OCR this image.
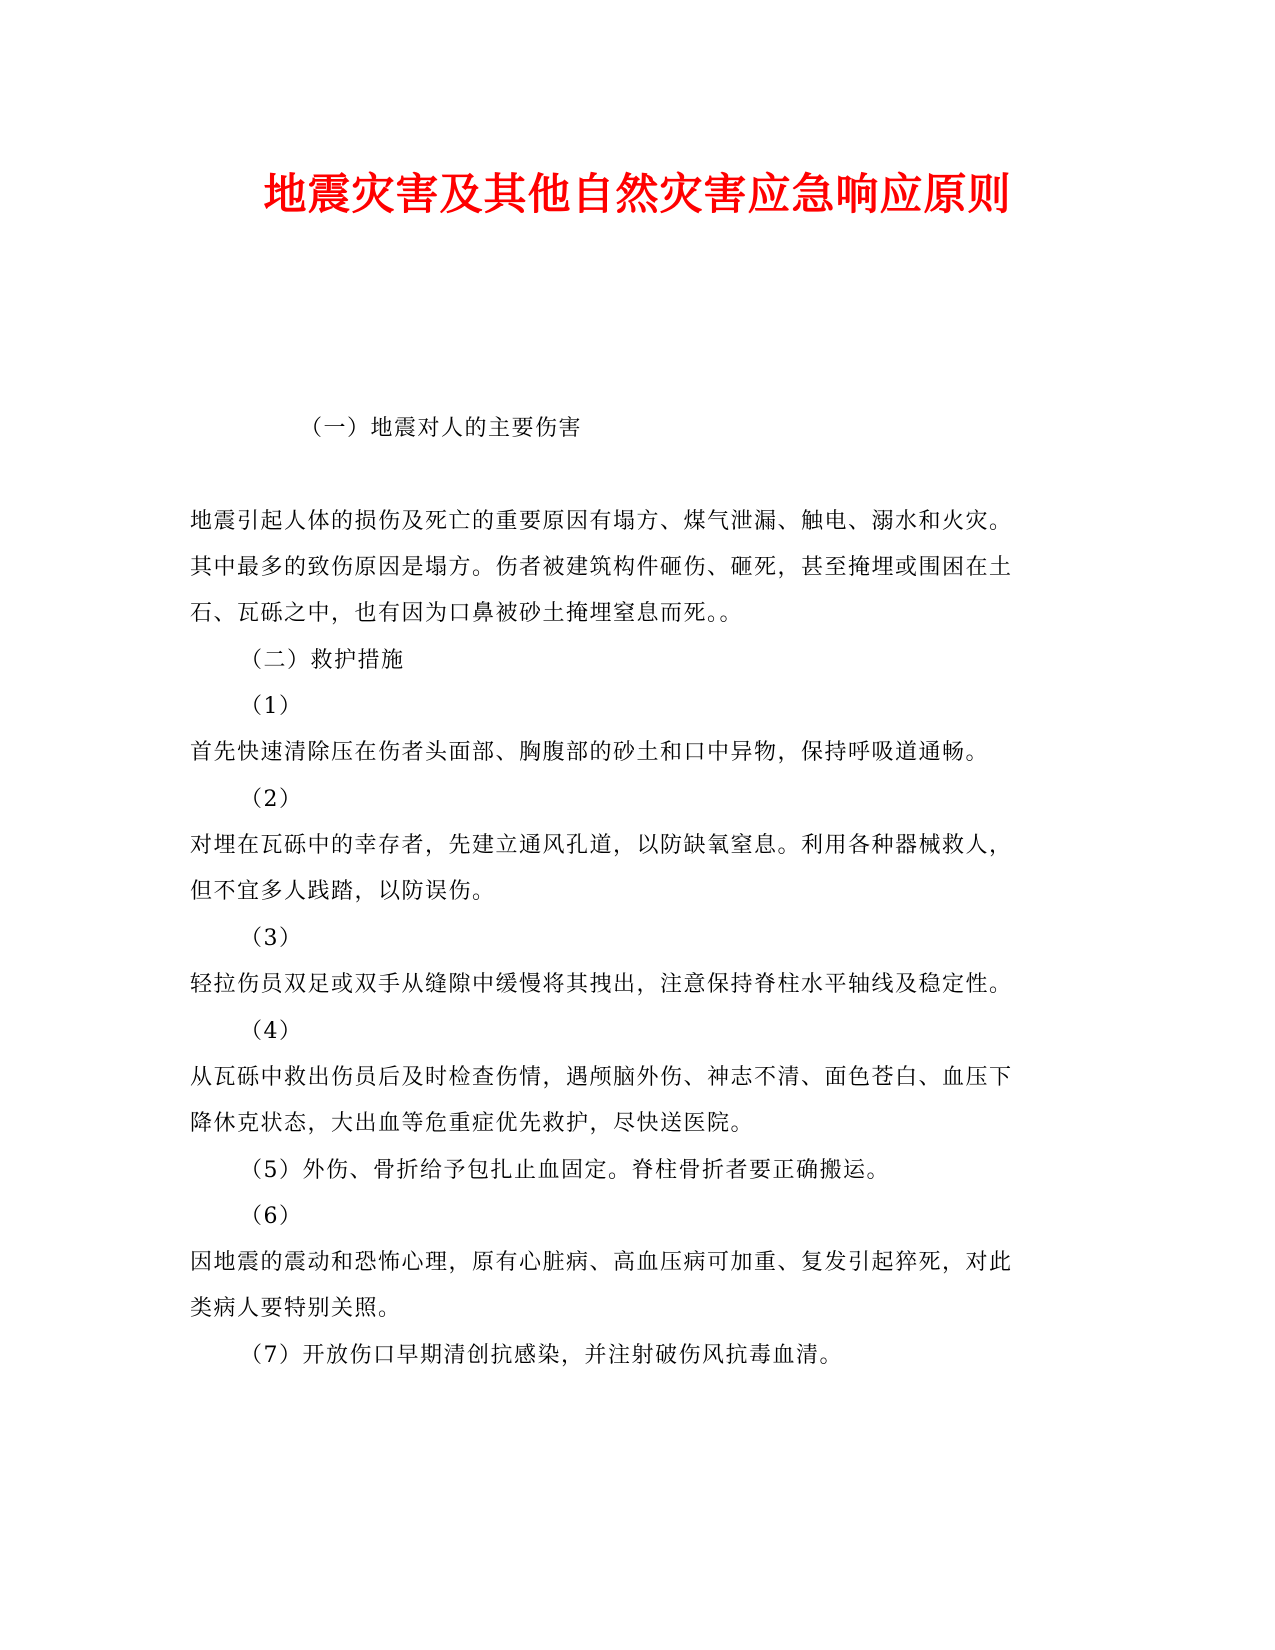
地震灾害及其他自然灾害应急响应原则
（一）地震对人的主要伤害
地震引起人体的损伤及死亡的重要原因有塌方、煤气泄漏、触电、溺水和火灾。
其中最多的致伤原因是塌方。伤者被建筑构件砸伤、砸死，甚至掩埋或围困在土
石、瓦砾之中，也有因为口鼻被砂土掩埋窒息而死。。
（二）救护措施
（1）
首先快速清除压在伤者头面部、胸腹部的砂土和口中异物，保持呼吸道通畅。
（2）
对埋在瓦砾中的幸存者，先建立通风孔道，以防缺氧窒息。利用各种器械救人，
但不宜多人践踏，以防误伤。
（3）
轻拉伤员双足或双手从缝隙中缓慢将其拽出，注意保持脊柱水平轴线及稳定性。
（4）
从瓦砾中救出伤员后及时检查伤情，遇颅脑外伤、神志不清、面色苍白、血压下
降休克状态，大出血等危重症优先救护，尽快送医院。
（5）外伤、骨折给予包扎止血固定。脊柱骨折者要正确搬运。
（6）
因地震的震动和恐怖心理，原有心脏病、高血压病可加重、复发引起猝死，对此
类病人要特别关照。
（7）开放伤口早期清创抗感染，并注射破伤风抗毒血清。
